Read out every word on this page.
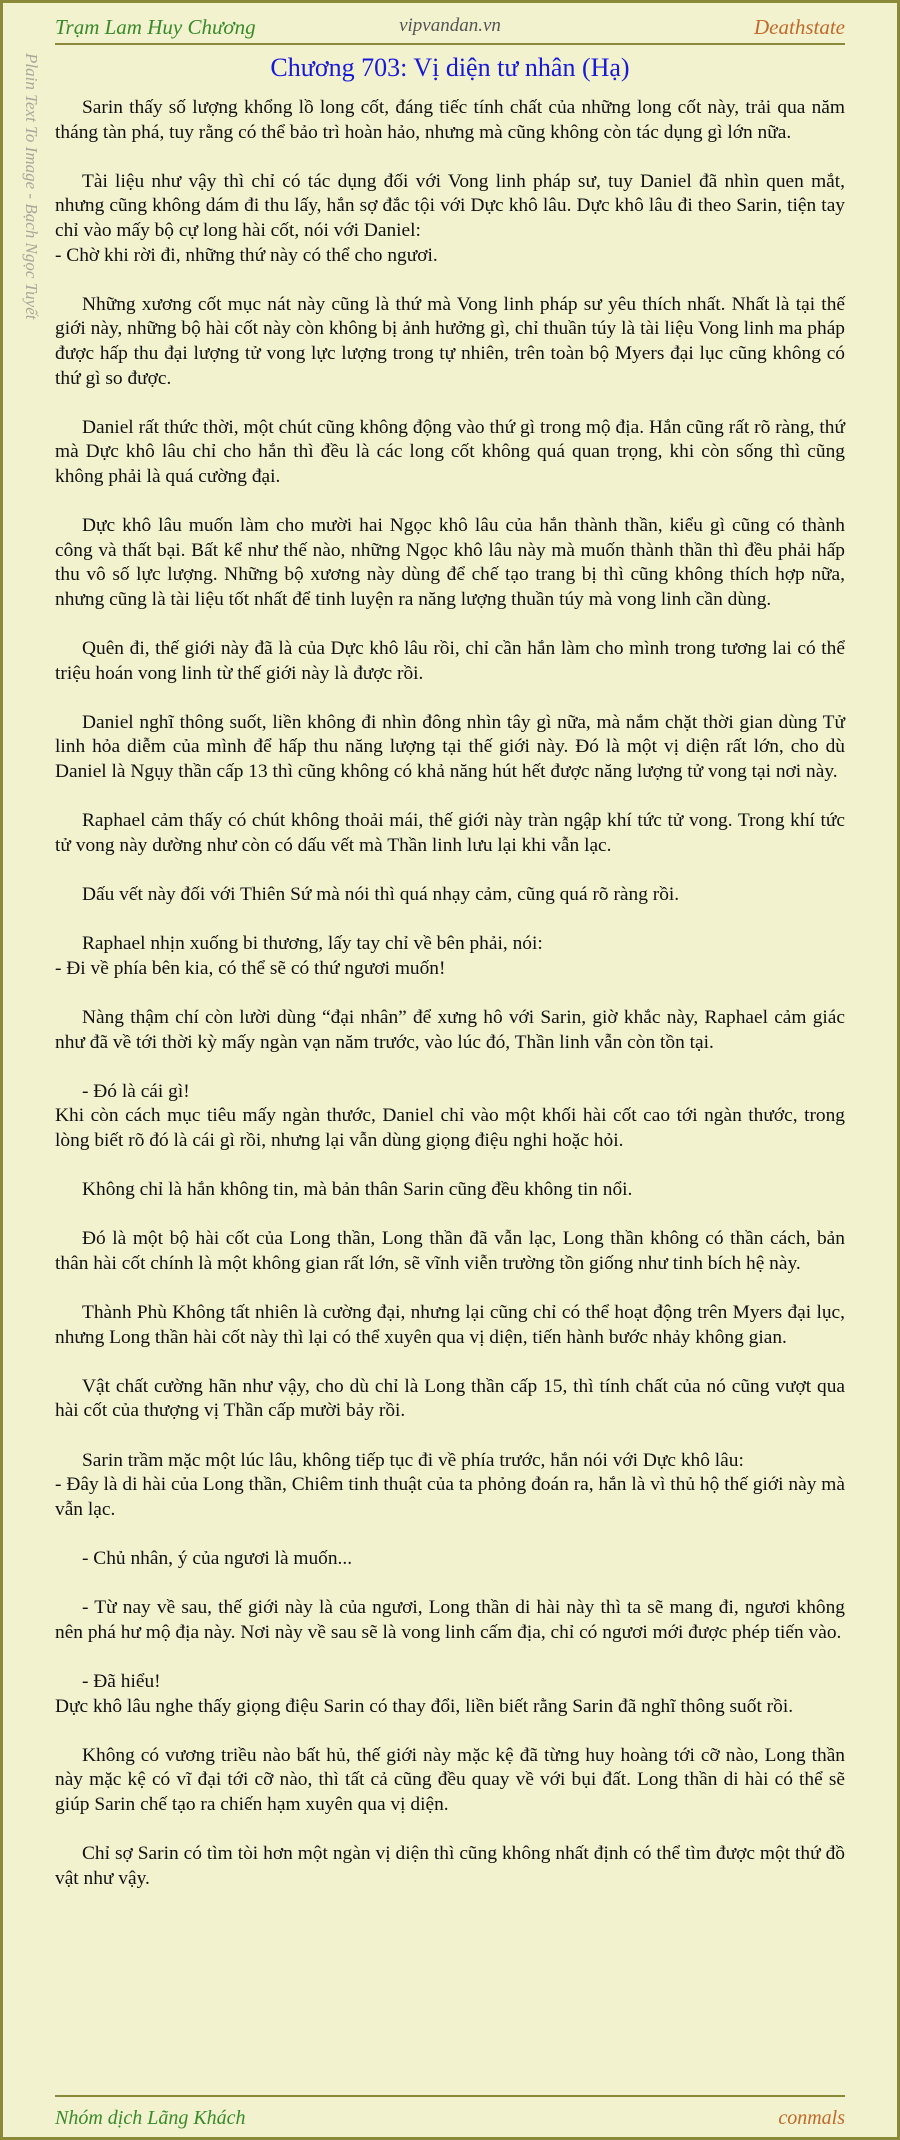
Trạm Lam Huy Chương	vipvandan.vn	Deathstate
Plain Text To Image - Bạch Ngọc Tuyết	Chương 703: Vị diện tư nhân (Hạ)

Sarin thấy số lượng khổng lồ long cốt, đáng tiếc tính chất của những long cốt này, trải qua năm tháng tàn phá, tuy rằng có thể bảo trì hoàn hảo, nhưng mà cũng không còn tác dụng gì lớn nữa.

Tài liệu như vậy thì chỉ có tác dụng đối với Vong linh pháp sư, tuy Daniel đã nhìn quen mắt, nhưng cũng không dám đi thu lấy, hắn sợ đắc tội với Dực khô lâu. Dực khô lâu đi theo Sarin, tiện tay chỉ vào mấy bộ cự long hài cốt, nói với Daniel:
- Chờ khi rời đi, những thứ này có thể cho ngươi.

Những xương cốt mục nát này cũng là thứ mà Vong linh pháp sư yêu thích nhất. Nhất là tại thế giới này, những bộ hài cốt này còn không bị ảnh hưởng gì, chỉ thuần túy là tài liệu Vong linh ma pháp được hấp thu đại lượng tử vong lực lượng trong tự nhiên, trên toàn bộ Myers đại lục cũng không có thứ gì so được.

Daniel rất thức thời, một chút cũng không động vào thứ gì trong mộ địa. Hắn cũng rất rõ ràng, thứ mà Dực khô lâu chỉ cho hắn thì đều là các long cốt không quá quan trọng, khi còn sống thì cũng không phải là quá cường đại.

Dực khô lâu muốn làm cho mười hai Ngọc khô lâu của hắn thành thần, kiểu gì cũng có thành công và thất bại. Bất kể như thế nào, những Ngọc khô lâu này mà muốn thành thần thì đều phải hấp thu vô số lực lượng. Những bộ xương này dùng để chế tạo trang bị thì cũng không thích hợp nữa, nhưng cũng là tài liệu tốt nhất để tinh luyện ra năng lượng thuần túy mà vong linh cần dùng.

Quên đi, thế giới này đã là của Dực khô lâu rồi, chỉ cần hắn làm cho mình trong tương lai có thể triệu hoán vong linh từ thế giới này là được rồi.

Daniel nghĩ thông suốt, liền không đi nhìn đông nhìn tây gì nữa, mà nắm chặt thời gian dùng Tử linh hỏa diễm của mình để hấp thu năng lượng tại thế giới này. Đó là một vị diện rất lớn, cho dù Daniel là Ngụy thần cấp 13 thì cũng không có khả năng hút hết được năng lượng tử vong tại nơi này.

Raphael cảm thấy có chút không thoải mái, thế giới này tràn ngập khí tức tử vong. Trong khí tức tử vong này dường như còn có dấu vết mà Thần linh lưu lại khi vẫn lạc.

Dấu vết này đối với Thiên Sứ mà nói thì quá nhạy cảm, cũng quá rõ ràng rồi.

Raphael nhịn xuống bi thương, lấy tay chỉ về bên phải, nói:
- Đi về phía bên kia, có thể sẽ có thứ ngươi muốn!

Nàng thậm chí còn lười dùng “đại nhân” để xưng hô với Sarin, giờ khắc này, Raphael cảm giác như đã về tới thời kỳ mấy ngàn vạn năm trước, vào lúc đó, Thần linh vẫn còn tồn tại.

- Đó là cái gì!
Khi còn cách mục tiêu mấy ngàn thước, Daniel chỉ vào một khối hài cốt cao tới ngàn thước, trong lòng biết rõ đó là cái gì rồi, nhưng lại vẫn dùng giọng điệu nghi hoặc hỏi.

Không chỉ là hắn không tin, mà bản thân Sarin cũng đều không tin nổi.

Đó là một bộ hài cốt của Long thần, Long thần đã vẫn lạc, Long thần không có thần cách, bản thân hài cốt chính là một không gian rất lớn, sẽ vĩnh viễn trường tồn giống như tinh bích hệ này.

Thành Phù Không tất nhiên là cường đại, nhưng lại cũng chỉ có thể hoạt động trên Myers đại lục, nhưng Long thần hài cốt này thì lại có thể xuyên qua vị diện, tiến hành bước nhảy không gian.

Vật chất cường hãn như vậy, cho dù chỉ là Long thần cấp 15, thì tính chất của nó cũng vượt qua hài cốt của thượng vị Thần cấp mười bảy rồi.

Sarin trầm mặc một lúc lâu, không tiếp tục đi về phía trước, hắn nói với Dực khô lâu:
- Đây là di hài của Long thần, Chiêm tinh thuật của ta phỏng đoán ra, hắn là vì thủ hộ thế giới này mà vẫn lạc.

- Chủ nhân, ý của ngươi là muốn...

- Từ nay về sau, thế giới này là của ngươi, Long thần di hài này thì ta sẽ mang đi, ngươi không nên phá hư mộ địa này. Nơi này về sau sẽ là vong linh cấm địa, chỉ có ngươi mới được phép tiến vào.

- Đã hiểu!
Dực khô lâu nghe thấy giọng điệu Sarin có thay đổi, liền biết rằng Sarin đã nghĩ thông suốt rồi.

Không có vương triều nào bất hủ, thế giới này mặc kệ đã từng huy hoàng tới cỡ nào, Long thần này mặc kệ có vĩ đại tới cỡ nào, thì tất cả cũng đều quay về với bụi đất. Long thần di hài có thể sẽ giúp Sarin chế tạo ra chiến hạm xuyên qua vị diện.

Chỉ sợ Sarin có tìm tòi hơn một ngàn vị diện thì cũng không nhất định có thể tìm được một thứ đồ vật như vậy.

Nhóm dịch Lãng Khách	conmals
